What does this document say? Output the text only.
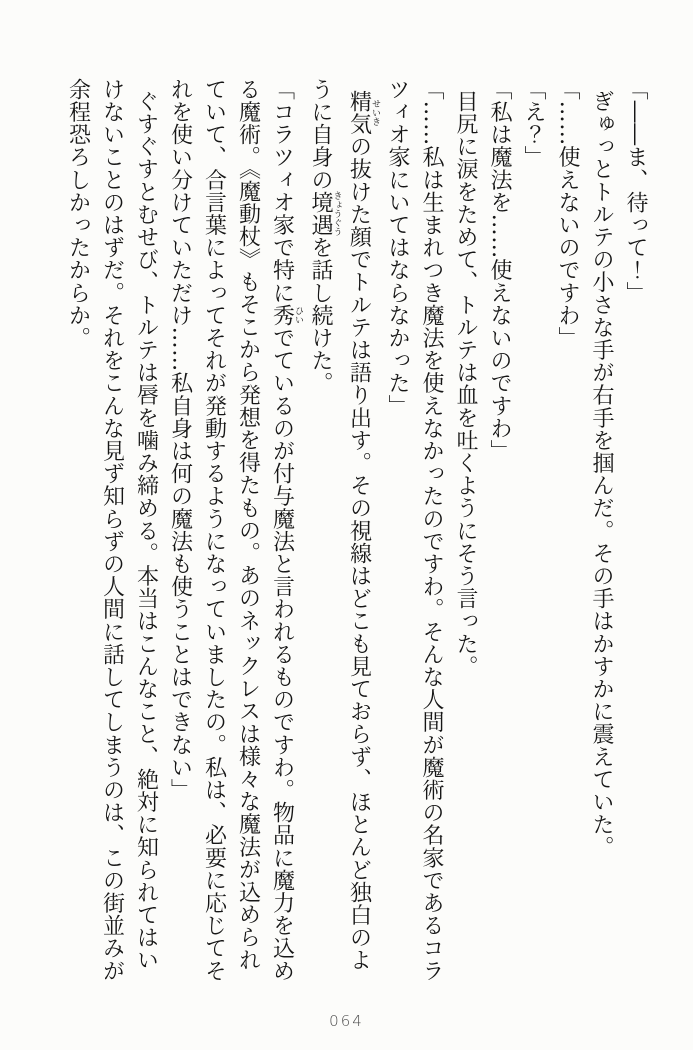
「――ま、待って！」

ぎゅっとトルテの小さな手が右手を掴んだ。その手はかすかに震えていた。

「……使えないのですわ」

「え？」

「私は魔法を……使えないのですわ」

目尻に涙をためて、トルテは血を吐くようにそう言った。

「……私は生まれつき魔法を使えなかったのですわ。そんな人間が魔術の名家であるコラ

ツィオ家にいてはならなかった」

精気せいきの抜けた顔でトルテは語り出す。その視線はどこも見ておらず、ほとんど独白のよ

うに自身の境遇きょうぐうを話し続けた。

「コラツィオ家で特に秀ひいでているのが付与魔法と言われるものですわ。物品に魔力を込め

る魔術。《魔動杖》もそこから発想を得たもの。あのネックレスは様々な魔法が込められ

ていて、合言葉によってそれが発動するようになっていましたの。私は、必要に応じてそ

れを使い分けていただけ……私自身は何の魔法も使うことはできない」

ぐすぐすとむせび、トルテは唇を噛み締める。本当はこんなこと、絶対に知られてはい

けないことのはずだ。それをこんな見ず知らずの人間に話してしまうのは、この街並みが

余程恐ろしかったからか。

064
